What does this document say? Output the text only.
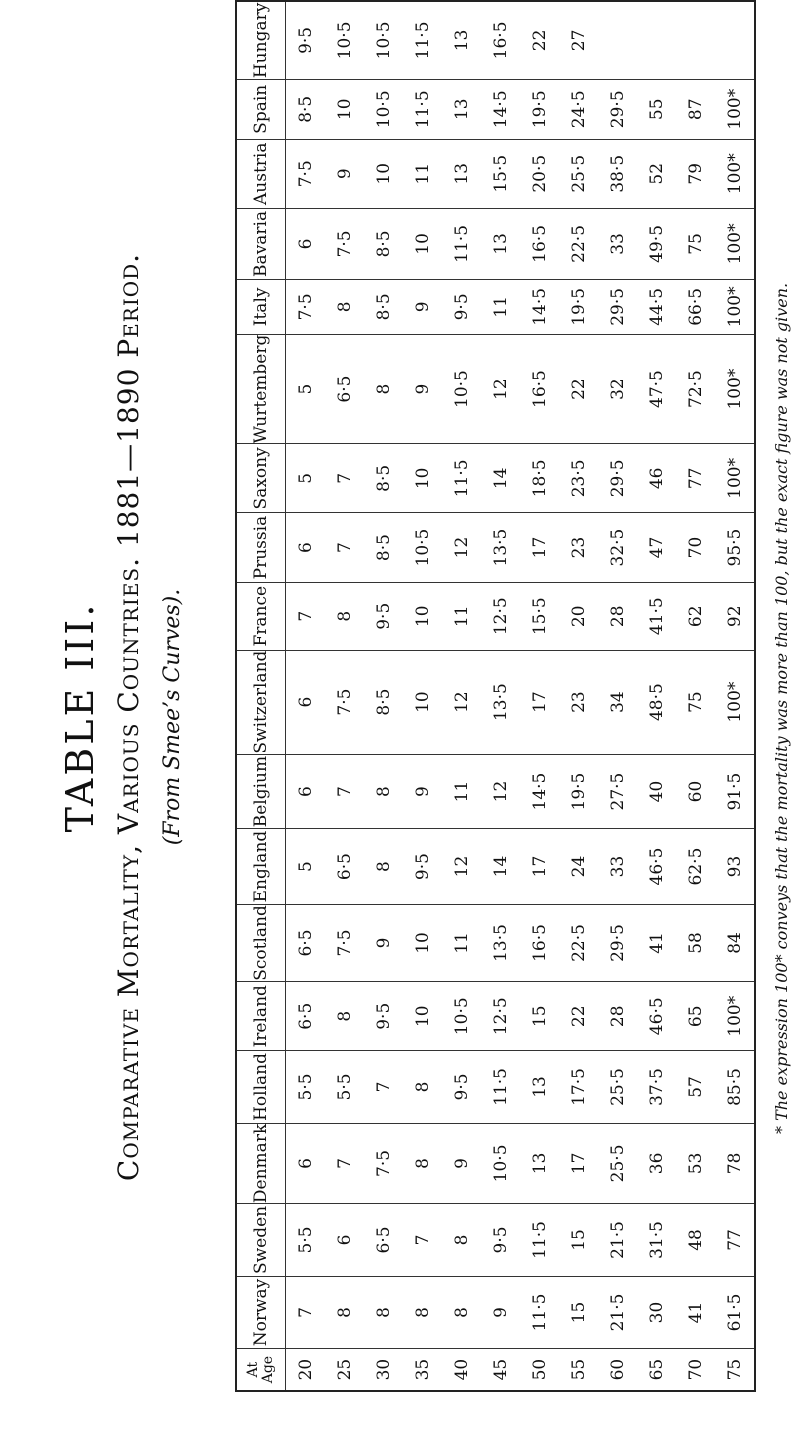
TABLE III. Comparative Mortality, Various Countries. 1881—1890 Period. (From Smee’s Curves).
At
Age	Norway	Sweden	Denmark	Holland	Ireland	Scotland	England	Belgium	Switzerland	France	Prussia	Saxony	Wurtemberg	Italy	Bavaria	Austria	Spain	Hungary
20	7	5·5	6	5·5	6·5	6·5	5	6	6	7	6	5	5	7·5	6	7·5	8·5	9·5
25	8	6	7	5·5	8	7·5	6·5	7	7·5	8	7	7	6·5	8	7·5	9	10	10·5
30	8	6·5	7·5	7	9·5	9	8	8	8·5	9·5	8·5	8·5	8	8·5	8·5	10	10·5	10·5
35	8	7	8	8	10	10	9·5	9	10	10	10·5	10	9	9	10	11	11·5	11·5
40	8	8	9	9·5	10·5	11	12	11	12	11	12	11·5	10·5	9·5	11·5	13	13	13
45	9	9·5	10·5	11·5	12·5	13·5	14	12	13·5	12·5	13·5	14	12	11	13	15·5	14·5	16·5
50	11·5	11·5	13	13	15	16·5	17	14·5	17	15·5	17	18·5	16·5	14·5	16·5	20·5	19·5	22
55	15	15	17	17·5	22	22·5	24	19·5	23	20	23	23·5	22	19·5	22·5	25·5	24·5	27
60	21·5	21·5	25·5	25·5	28	29·5	33	27·5	34	28	32·5	29·5	32	29·5	33	38·5	29·5	
65	30	31·5	36	37·5	46·5	41	46·5	40	48·5	41·5	47	46	47·5	44·5	49·5	52	55	
70	41	48	53	57	65	58	62·5	60	75	62	70	77	72·5	66·5	75	79	87	
75	61·5	77	78	85·5	100*	84	93	91·5	100*	92	95·5	100*	100*	100*	100*	100*	100*	
* The expression 100* conveys that the mortality was more than 100, but the exact figure was not given.
